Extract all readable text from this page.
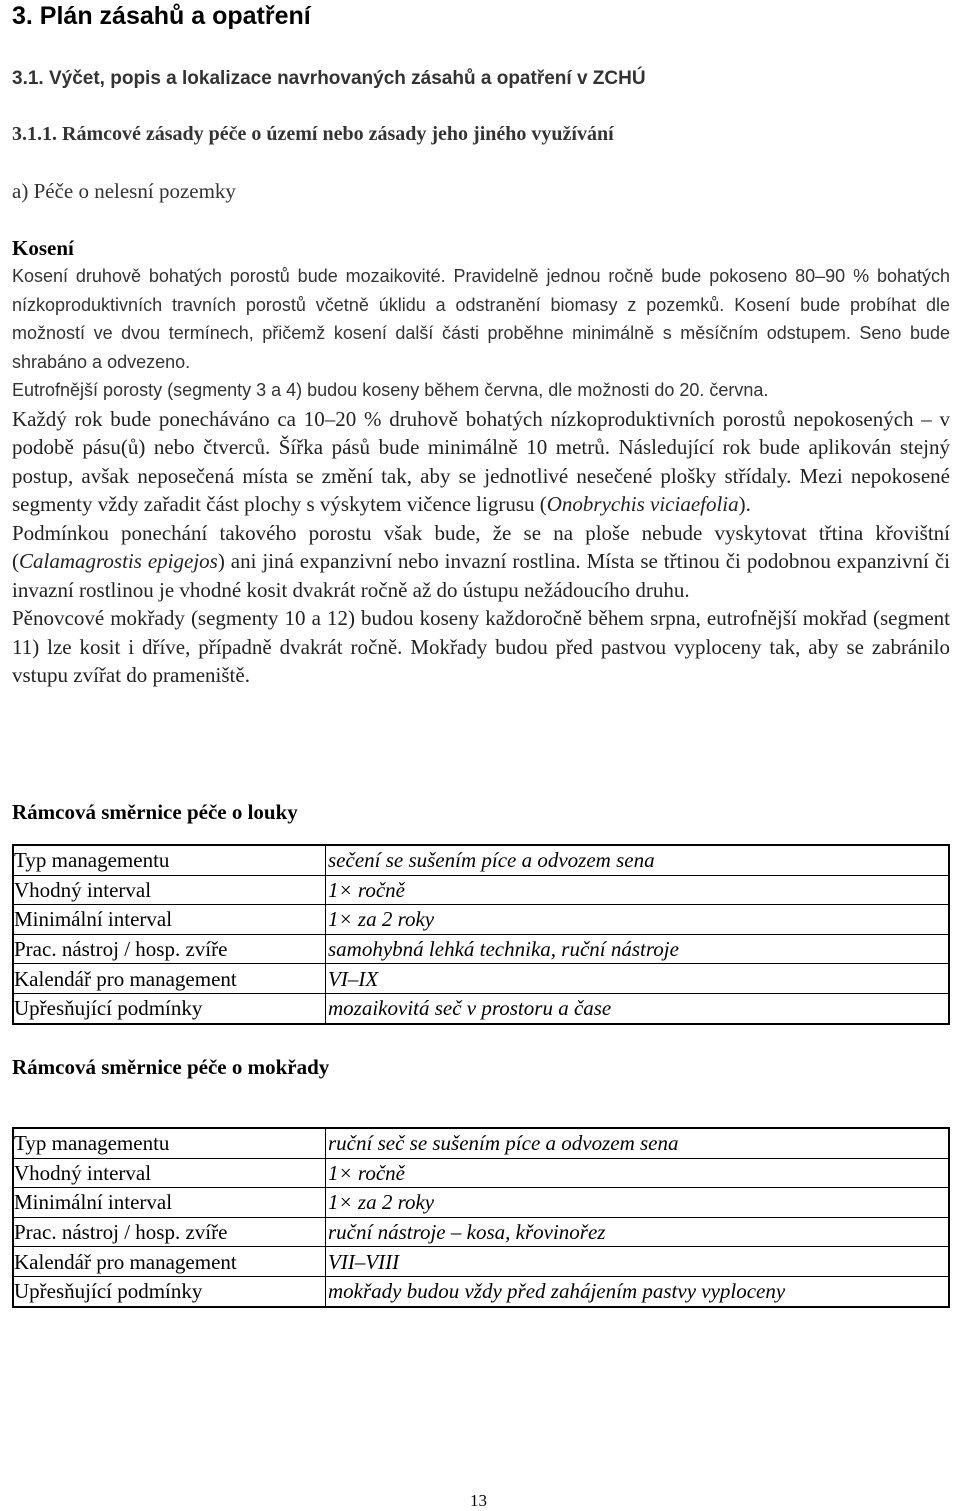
3. Plán zásahů a opatření
3.1. Výčet, popis a lokalizace navrhovaných zásahů a opatření v ZCHÚ
3.1.1. Rámcové zásady péče o území nebo zásady jeho jiného využívání
a) Péče o nelesní pozemky
Kosení

Kosení druhově bohatých porostů bude mozaikovité. Pravidelně jednou ročně bude pokoseno 80–90 % bohatých nízkoproduktivních travních porostů včetně úklidu a odstranění biomasy z pozemků. Kosení bude probíhat dle možností ve dvou termínech, přičemž kosení další části proběhne minimálně s měsíčním odstupem. Seno bude shrabáno a odvezeno.

Eutrofnější porosty (segmenty 3 a 4) budou koseny během června, dle možnosti do 20. června.

Každý rok bude ponecháváno ca 10–20 % druhově bohatých nízkoproduktivních porostů nepokosených – v podobě pásu(ů) nebo čtverců. Šířka pásů bude minimálně 10 metrů. Následující rok bude aplikován stejný postup, avšak neposečená místa se změní tak, aby se jednotlivé nesečené plošky střídaly. Mezi nepokosené segmenty vždy zařadit část plochy s výskytem vičence ligrusu (Onobrychis viciaefolia).

Podmínkou ponechání takového porostu však bude, že se na ploše nebude vyskytovat třtina křovištní (Calamagrostis epigejos) ani jiná expanzivní nebo invazní rostlina. Místa se třtinou či podobnou expanzivní či invazní rostlinou je vhodné kosit dvakrát ročně až do ústupu nežádoucího druhu.

Pěnovcové mokřady (segmenty 10 a 12) budou koseny každoročně během srpna, eutrofnější mokřad (segment 11) lze kosit i dříve, případně dvakrát ročně. Mokřady budou před pastvou vyploceny tak, aby se zabránilo vstupu zvířat do prameniště.

Rámcová směrnice péče o louky
Typ managementu	sečení se sušením píce a odvozem sena
Vhodný interval	1× ročně
Minimální interval	1× za 2 roky
Prac. nástroj / hosp. zvíře	samohybná lehká technika, ruční nástroje
Kalendář pro management	VI–IX
Upřesňující podmínky	mozaikovitá seč v prostoru a čase
Rámcová směrnice péče o mokřady
Typ managementu	ruční seč se sušením píce a odvozem sena
Vhodný interval	1× ročně
Minimální interval	1× za 2 roky
Prac. nástroj / hosp. zvíře	ruční nástroje – kosa, křovinořez
Kalendář pro management	VII–VIII
Upřesňující podmínky	mokřady budou vždy před zahájením pastvy vyploceny
13
